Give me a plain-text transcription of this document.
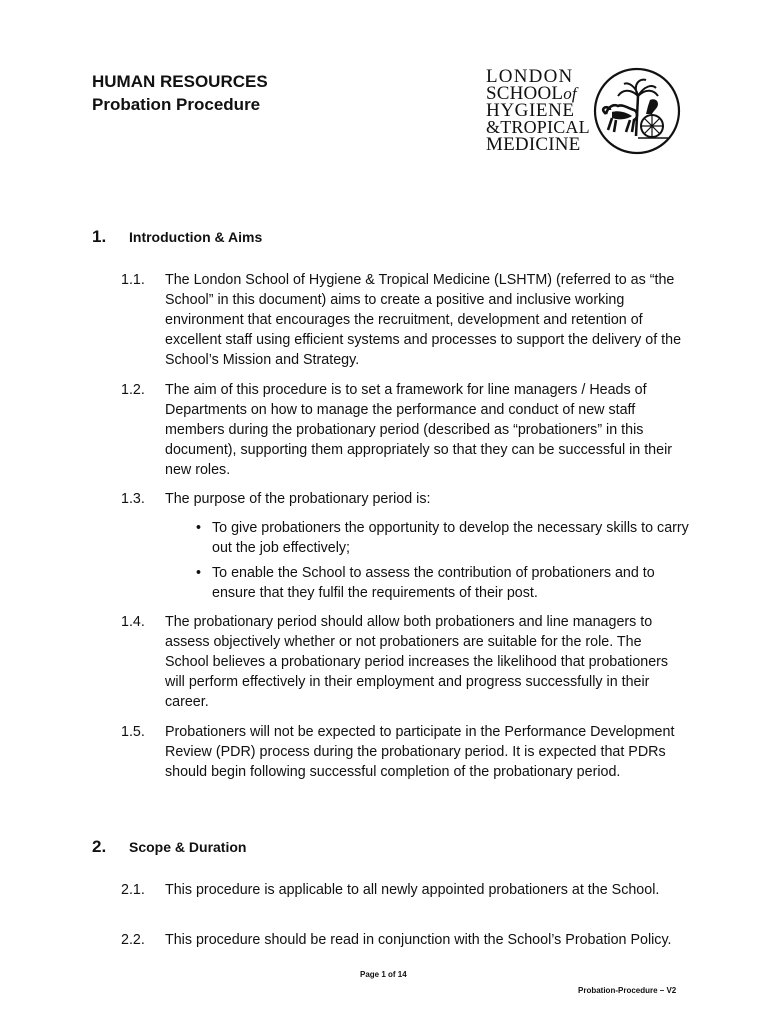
HUMAN RESOURCES
Probation Procedure
LONDON
SCHOOLof
HYGIENE
&TROPICAL
MEDICINE
1. Introduction & Aims
1.1.	The London School of Hygiene & Tropical Medicine (LSHTM) (referred to as “the School” in this document) aims to create a positive and inclusive working environment that encourages the recruitment, development and retention of excellent staff using efficient systems and processes to support the delivery of the School’s Mission and Strategy.
1.2.	The aim of this procedure is to set a framework for line managers / Heads of Departments on how to manage the performance and conduct of new staff members during the probationary period (described as “probationers” in this document), supporting them appropriately so that they can be successful in their new roles.
1.3.	The purpose of the probationary period is:
• To give probationers the opportunity to develop the necessary skills to carry out the job effectively;
• To enable the School to assess the contribution of probationers and to ensure that they fulfil the requirements of their post.
1.4.	The probationary period should allow both probationers and line managers to assess objectively whether or not probationers are suitable for the role. The School believes a probationary period increases the likelihood that probationers will perform effectively in their employment and progress successfully in their career.
1.5.	Probationers will not be expected to participate in the Performance Development Review (PDR) process during the probationary period. It is expected that PDRs should begin following successful completion of the probationary period.
2. Scope & Duration
2.1.	This procedure is applicable to all newly appointed probationers at the School.
2.2.	This procedure should be read in conjunction with the School’s Probation Policy.
Page 1 of 14
Probation-Procedure – V2
